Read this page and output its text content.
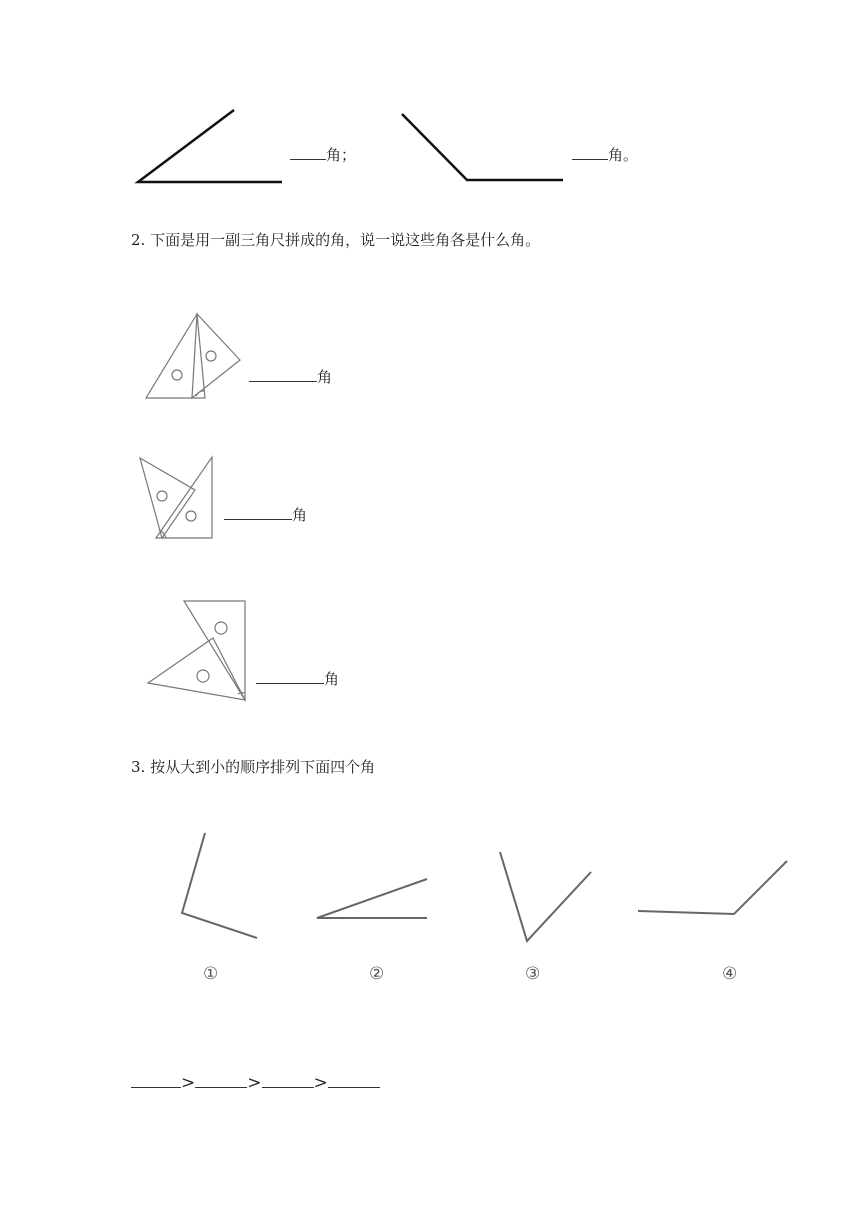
角；	角。
2. 下面是用一副三角尺拼成的角，说一说这些角各是什么角。
角
角
角
3. 按从大到小的顺序排列下面四个角
①	②	③	④
>	>	>
